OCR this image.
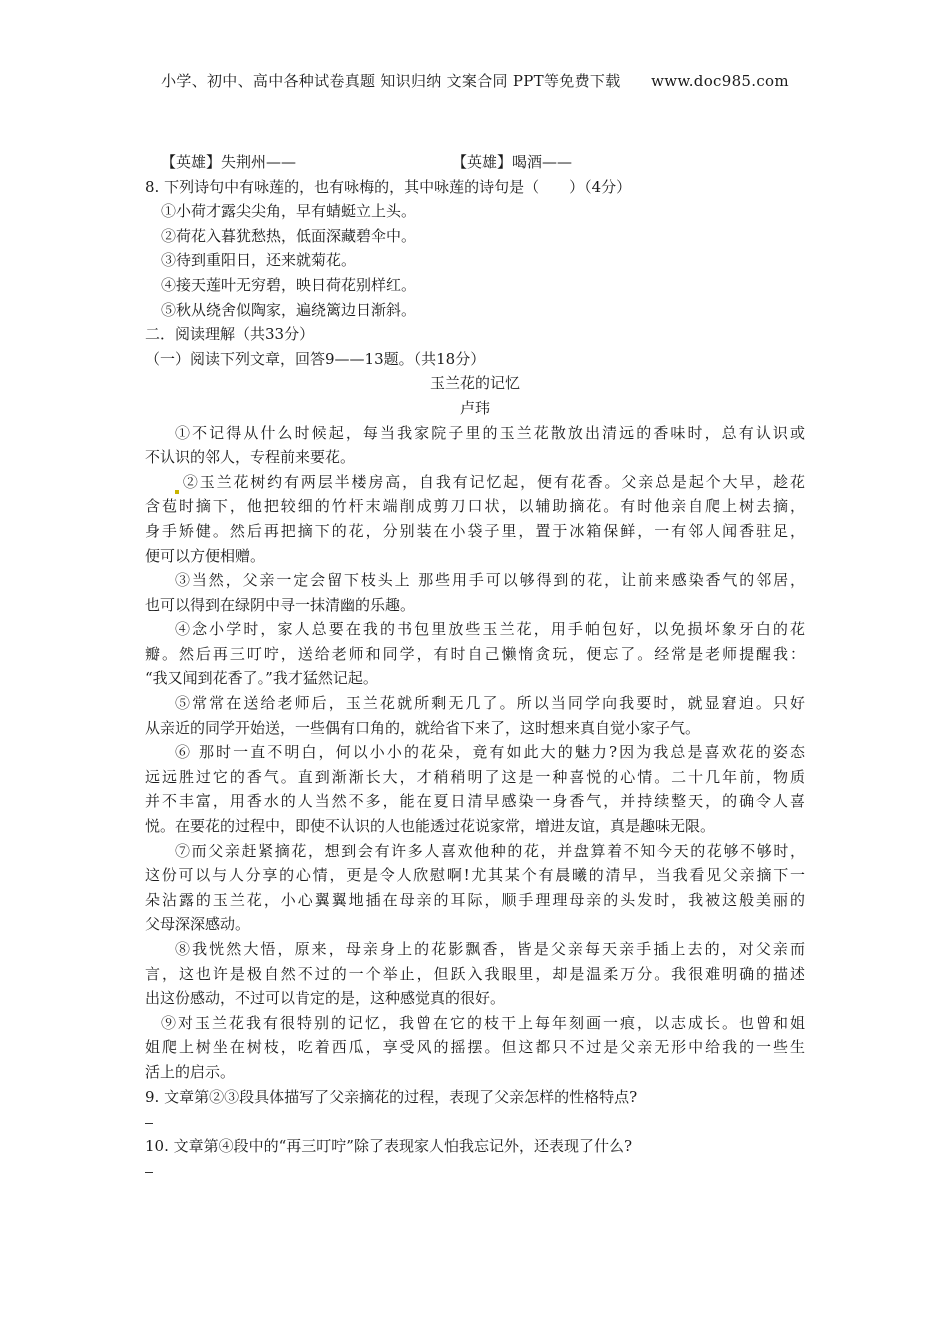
小学、初中、高中各种试卷真题 知识归纳 文案合同 PPT等免费下载　　www.doc985.com
【英雄】失荆州——	【英雄】喝酒——
8. 下列诗句中有咏莲的，也有咏梅的，其中咏莲的诗句是（　　）（4分）
①小荷才露尖尖角，早有蜻蜓立上头。
②荷花入暮犹愁热，低面深藏碧伞中。
③待到重阳日，还来就菊花。
④接天莲叶无穷碧，映日荷花别样红。
⑤秋从绕舍似陶家，遍绕篱边日渐斜。
二．阅读理解（共33分）
（一）阅读下列文章，回答9——13题。（共18分）
玉兰花的记忆
卢玮
①不记得从什么时候起，每当我家院子里的玉兰花散放出清远的香味时，总有认识或
不认识的邻人，专程前来要花。
②玉兰花树约有两层半楼房高，自我有记忆起，便有花香。父亲总是起个大早，趁花
含苞时摘下，他把较细的竹杆末端削成剪刀口状，以辅助摘花。有时他亲自爬上树去摘，
身手矫健。然后再把摘下的花，分别装在小袋子里，置于冰箱保鲜，一有邻人闻香驻足，
便可以方便相赠。
③当然，父亲一定会留下枝头上 那些用手可以够得到的花，让前来感染香气的邻居，
也可以得到在绿阴中寻一抹清幽的乐趣。
④念小学时，家人总要在我的书包里放些玉兰花，用手帕包好，以免损坏象牙白的花
瓣。然后再三叮咛，送给老师和同学，有时自己懒惰贪玩，便忘了。经常是老师提醒我：
“我又闻到花香了。”我才猛然记起。
⑤常常在送给老师后，玉兰花就所剩无几了。所以当同学向我要时，就显窘迫。只好
从亲近的同学开始送，一些偶有口角的，就给省下来了，这时想来真自觉小家子气。
⑥ 那时一直不明白，何以小小的花朵，竟有如此大的魅力?因为我总是喜欢花的姿态
远远胜过它的香气。直到渐渐长大，才稍稍明了这是一种喜悦的心情。二十几年前，物质
并不丰富，用香水的人当然不多，能在夏日清早感染一身香气，并持续整天，的确令人喜
悦。在要花的过程中，即使不认识的人也能透过花说家常，增进友谊，真是趣味无限。
⑦而父亲赶紧摘花，想到会有许多人喜欢他种的花，并盘算着不知今天的花够不够时，
这份可以与人分享的心情，更是令人欣慰啊!尤其某个有晨曦的清早，当我看见父亲摘下一
朵沾露的玉兰花，小心翼翼地插在母亲的耳际，顺手理理母亲的头发时，我被这般美丽的
父母深深感动。
⑧我恍然大悟，原来，母亲身上的花影飘香，皆是父亲每天亲手插上去的，对父亲而
言，这也许是极自然不过的一个举止，但跃入我眼里，却是温柔万分。我很难明确的描述
出这份感动，不过可以肯定的是，这种感觉真的很好。
⑨对玉兰花我有很特别的记忆，我曾在它的枝干上每年刻画一痕，以志成长。也曾和姐
姐爬上树坐在树枝，吃着西瓜，享受风的摇摆。但这都只不过是父亲无形中给我的一些生
活上的启示。
9. 文章第②③段具体描写了父亲摘花的过程，表现了父亲怎样的性格特点?
10. 文章第④段中的“再三叮咛”除了表现家人怕我忘记外，还表现了什么?
